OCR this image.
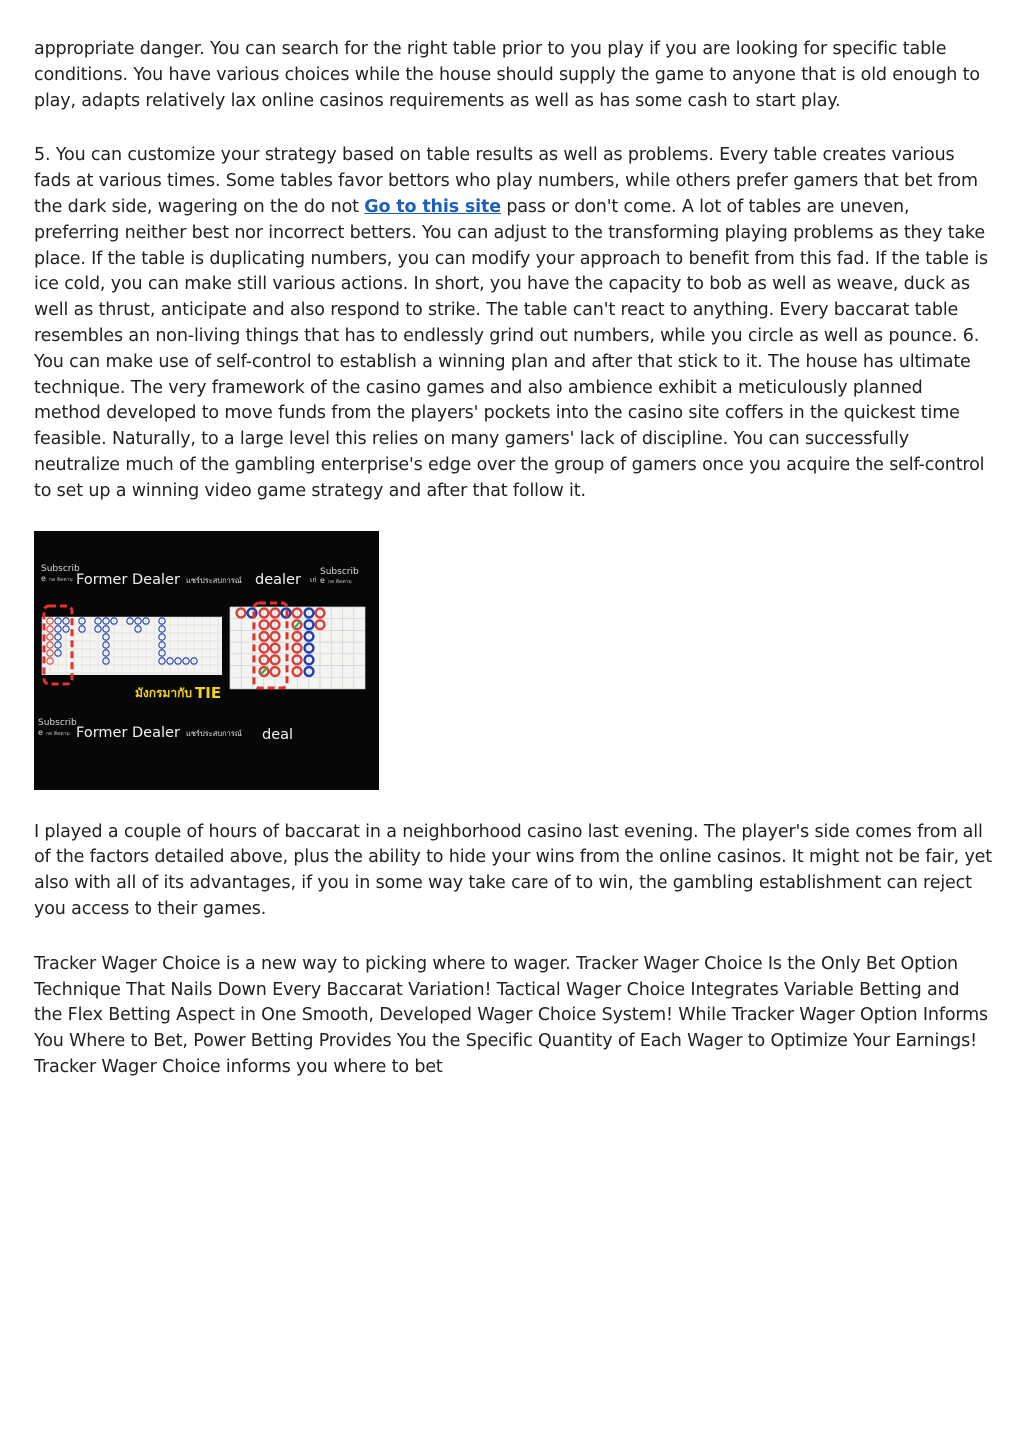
appropriate danger. You can search for the right table prior to you play if you are looking for specific table conditions. You have various choices while the house should supply the game to anyone that is old enough to play, adapts relatively lax online casinos requirements as well as has some cash to start play.

5. You can customize your strategy based on table results as well as problems. Every table creates various fads at various times. Some tables favor bettors who play numbers, while others prefer gamers that bet from the dark side, wagering on the do not Go to this site pass or don't come. A lot of tables are uneven, preferring neither best nor incorrect betters. You can adjust to the transforming playing problems as they take place. If the table is duplicating numbers, you can modify your approach to benefit from this fad. If the table is ice cold, you can make still various actions. In short, you have the capacity to bob as well as weave, duck as well as thrust, anticipate and also respond to strike. The table can't react to anything. Every baccarat table resembles an non-living things that has to endlessly grind out numbers, while you circle as well as pounce. 6. You can make use of self-control to establish a winning plan and after that stick to it. The house has ultimate technique. The very framework of the casino games and also ambience exhibit a meticulously planned method developed to move funds from the players' pockets into the casino site coffers in the quickest time feasible. Naturally, to a large level this relies on many gamers' lack of discipline. You can successfully neutralize much of the gambling enterprise's edge over the group of gamers once you acquire the self-control to set up a winning video game strategy and after that follow it.

Subscrib
e กด ติดตาม Former Dealer แชร์ประสบการณ์ dealer เก่
Subscrib
e กด ติดตาม
มังกรมากับ TIE
Subscrib
e กด ติดตาม Former Dealer แชร์ประสบการณ์ deal

I played a couple of hours of baccarat in a neighborhood casino last evening. The player's side comes from all of the factors detailed above, plus the ability to hide your wins from the online casinos. It might not be fair, yet also with all of its advantages, if you in some way take care of to win, the gambling establishment can reject you access to their games.

Tracker Wager Choice is a new way to picking where to wager. Tracker Wager Choice Is the Only Bet Option Technique That Nails Down Every Baccarat Variation! Tactical Wager Choice Integrates Variable Betting and the Flex Betting Aspect in One Smooth, Developed Wager Choice System! While Tracker Wager Option Informs You Where to Bet, Power Betting Provides You the Specific Quantity of Each Wager to Optimize Your Earnings! Tracker Wager Choice informs you where to bet
